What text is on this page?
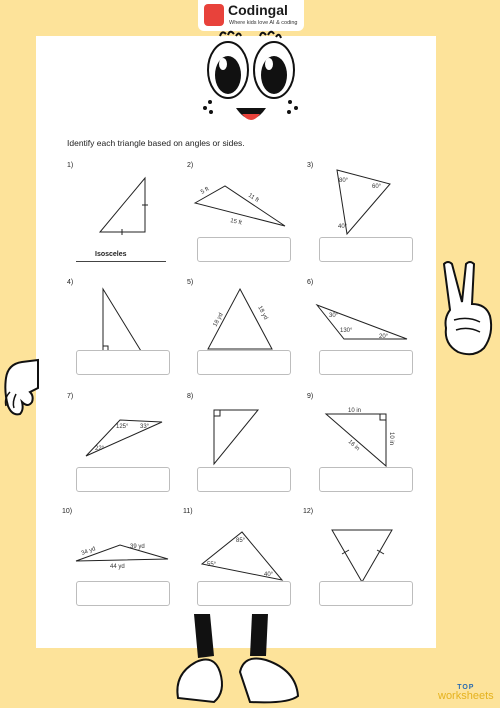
Codingal
Where kids love AI & coding
Identify each triangle based on angles or sides.
1)
Isosceles
2)
5 ft
11 ft
15 ft
3)
80°
60°
40°
4)	5)
18 yd	18 yd
6)
30°
130°
20°
7)
125° 33°
22°
8)	9)
10 in
16 in
10 in
10)
34 yd	39 yd
44 yd
11)
85°
55°
40°
12)
TOP
worksheets
